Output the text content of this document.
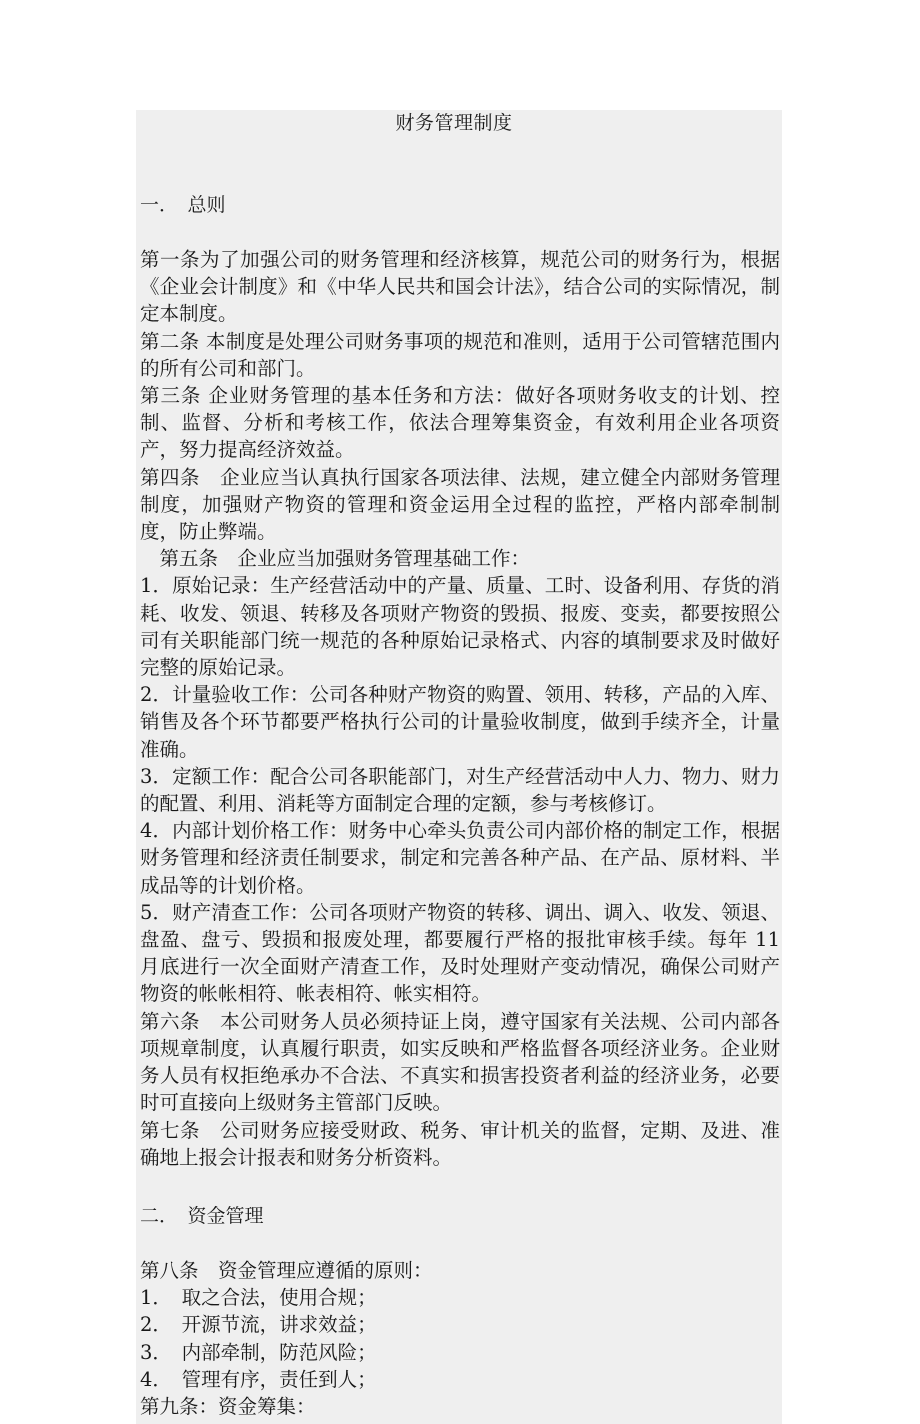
财务管理制度

一．　总则

第一条为了加强公司的财务管理和经济核算，规范公司的财务行为，根据《企业会计制度》和《中华人民共和国会计法》，结合公司的实际情况，制定本制度。

第二条 本制度是处理公司财务事项的规范和准则，适用于公司管辖范围内的所有公司和部门。

第三条 企业财务管理的基本任务和方法：做好各项财务收支的计划、控制、监督、分析和考核工作，依法合理筹集资金，有效利用企业各项资产，努力提高经济效益。

第四条　企业应当认真执行国家各项法律、法规，建立健全内部财务管理制度，加强财产物资的管理和资金运用全过程的监控，严格内部牵制制度，防止弊端。

　第五条　企业应当加强财务管理基础工作：

1．原始记录：生产经营活动中的产量、质量、工时、设备利用、存货的消耗、收发、领退、转移及各项财产物资的毁损、报废、变卖，都要按照公司有关职能部门统一规范的各种原始记录格式、内容的填制要求及时做好完整的原始记录。

2．计量验收工作：公司各种财产物资的购置、领用、转移，产品的入库、销售及各个环节都要严格执行公司的计量验收制度，做到手续齐全，计量准确。

3．定额工作：配合公司各职能部门，对生产经营活动中人力、物力、财力的配置、利用、消耗等方面制定合理的定额，参与考核修订。

4．内部计划价格工作：财务中心牵头负责公司内部价格的制定工作，根据财务管理和经济责任制要求，制定和完善各种产品、在产品、原材料、半成品等的计划价格。

5．财产清查工作：公司各项财产物资的转移、调出、调入、收发、领退、盘盈、盘亏、毁损和报废处理，都要履行严格的报批审核手续。每年 11 月底进行一次全面财产清查工作，及时处理财产变动情况，确保公司财产物资的帐帐相符、帐表相符、帐实相符。

第六条　本公司财务人员必须持证上岗，遵守国家有关法规、公司内部各项规章制度，认真履行职责，如实反映和严格监督各项经济业务。企业财务人员有权拒绝承办不合法、不真实和损害投资者利益的经济业务，必要时可直接向上级财务主管部门反映。

第七条　公司财务应接受财政、税务、审计机关的监督，定期、及进、准确地上报会计报表和财务分析资料。

二．　资金管理

第八条　资金管理应遵循的原则：

1．　取之合法，使用合规；

2．　开源节流，讲求效益；

3．　内部牵制，防范风险；

4．　管理有序，责任到人；

第九条：资金筹集：
